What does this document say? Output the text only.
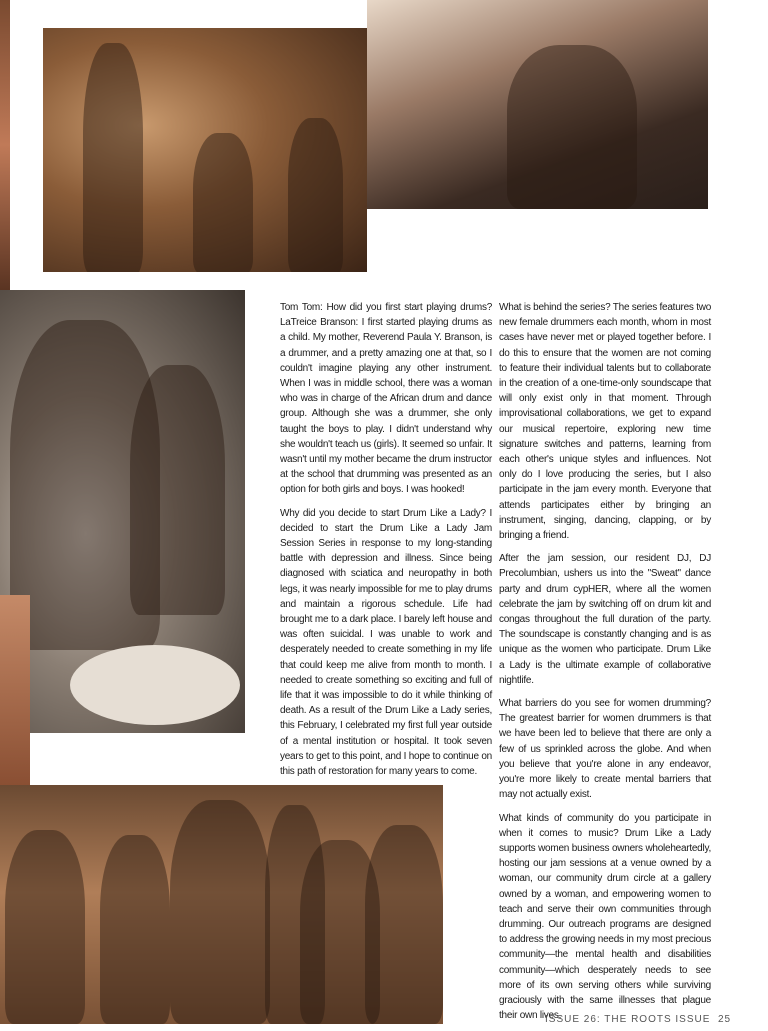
Tom Tom: How did you first start playing drums? LaTreice Branson: I first started playing drums as a child. My mother, Reverend Paula Y. Branson, is a drummer, and a pretty amazing one at that, so I couldn't imagine playing any other instrument. When I was in middle school, there was a woman who was in charge of the African drum and dance group. Although she was a drummer, she only taught the boys to play. I didn't understand why she wouldn't teach us (girls). It seemed so unfair. It wasn't until my mother became the drum instructor at the school that drumming was presented as an option for both girls and boys. I was hooked!

Why did you decide to start Drum Like a Lady? I decided to start the Drum Like a Lady Jam Session Series in response to my long-standing battle with depression and illness. Since being diagnosed with sciatica and neuropathy in both legs, it was nearly impossible for me to play drums and maintain a rigorous schedule. Life had brought me to a dark place. I barely left house and was often suicidal. I was unable to work and desperately needed to create something in my life that could keep me alive from month to month. I needed to create something so exciting and full of life that it was impossible to do it while thinking of death. As a result of the Drum Like a Lady series, this February, I celebrated my first full year outside of a mental institution or hospital. It took seven years to get to this point, and I hope to continue on this path of restoration for many years to come.

What is behind the series? The series features two new female drummers each month, whom in most cases have never met or played together before. I do this to ensure that the women are not coming to feature their individual talents but to collaborate in the creation of a one-time-only soundscape that will only exist only in that moment. Through improvisational collaborations, we get to expand our musical repertoire, exploring new time signature switches and patterns, learning from each other's unique styles and influences. Not only do I love producing the series, but I also participate in the jam every month. Everyone that attends participates either by bringing an instrument, singing, dancing, clapping, or by bringing a friend.

After the jam session, our resident DJ, DJ Precolumbian, ushers us into the "Sweat" dance party and drum cypHER, where all the women celebrate the jam by switching off on drum kit and congas throughout the full duration of the party. The soundscape is constantly changing and is as unique as the women who participate. Drum Like a Lady is the ultimate example of collaborative nightlife.

What barriers do you see for women drumming? The greatest barrier for women drummers is that we have been led to believe that there are only a few of us sprinkled across the globe. And when you believe that you're alone in any endeavor, you're more likely to create mental barriers that may not actually exist.

What kinds of community do you participate in when it comes to music? Drum Like a Lady supports women business owners wholeheartedly, hosting our jam sessions at a venue owned by a woman, our community drum circle at a gallery owned by a woman, and empowering women to teach and serve their own communities through drumming. Our outreach programs are designed to address the growing needs in my most precious community—the mental health and disabilities community—which desperately needs to see more of its own serving others while surviving graciously with the same illnesses that plague their own lives.

ISSUE 26: THE ROOTS ISSUE 25
